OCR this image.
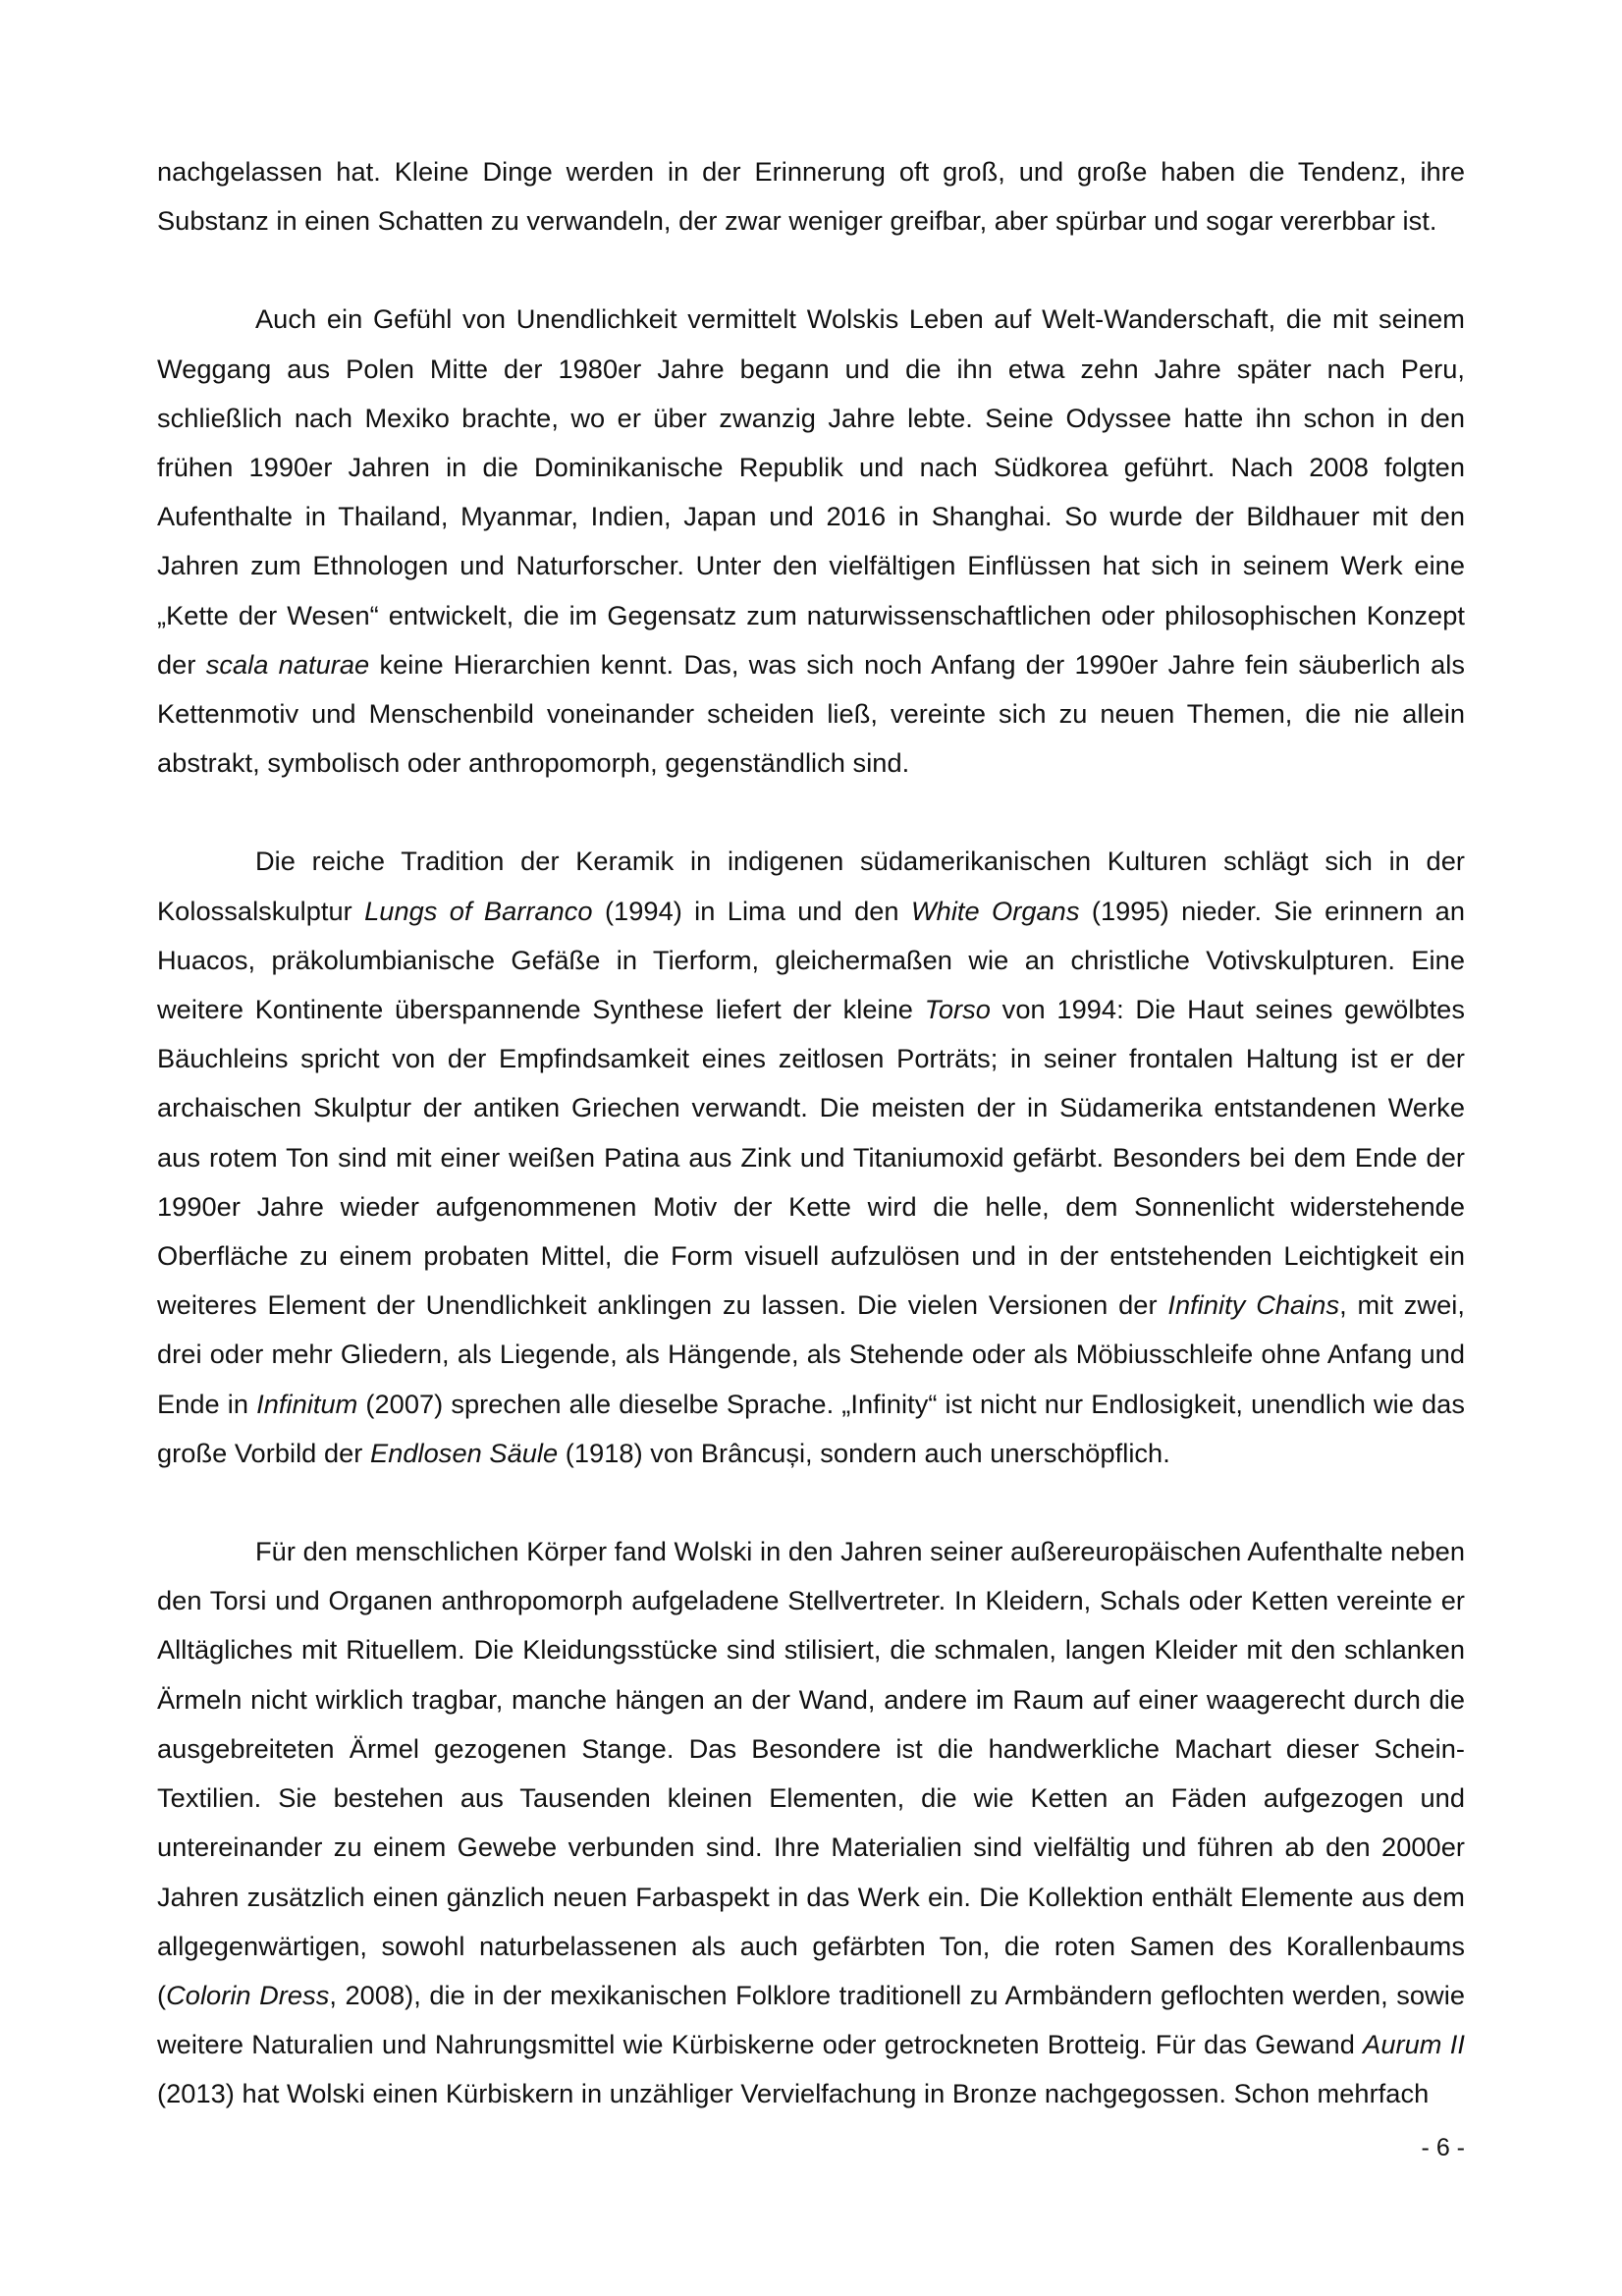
nachgelassen hat. Kleine Dinge werden in der Erinnerung oft groß, und große haben die Tendenz, ihre Substanz in einen Schatten zu verwandeln, der zwar weniger greifbar, aber spürbar und sogar vererbbar ist.

Auch ein Gefühl von Unendlichkeit vermittelt Wolskis Leben auf Welt-Wanderschaft, die mit seinem Weggang aus Polen Mitte der 1980er Jahre begann und die ihn etwa zehn Jahre später nach Peru, schließlich nach Mexiko brachte, wo er über zwanzig Jahre lebte. Seine Odyssee hatte ihn schon in den frühen 1990er Jahren in die Dominikanische Republik und nach Südkorea geführt. Nach 2008 folgten Aufenthalte in Thailand, Myanmar, Indien, Japan und 2016 in Shanghai. So wurde der Bildhauer mit den Jahren zum Ethnologen und Naturforscher. Unter den vielfältigen Einflüssen hat sich in seinem Werk eine „Kette der Wesen“ entwickelt, die im Gegensatz zum naturwissenschaftlichen oder philosophischen Konzept der scala naturae keine Hierarchien kennt. Das, was sich noch Anfang der 1990er Jahre fein säuberlich als Kettenmotiv und Menschenbild voneinander scheiden ließ, vereinte sich zu neuen Themen, die nie allein abstrakt, symbolisch oder anthropomorph, gegenständlich sind.

Die reiche Tradition der Keramik in indigenen südamerikanischen Kulturen schlägt sich in der Kolossalskulptur Lungs of Barranco (1994) in Lima und den White Organs (1995) nieder. Sie erinnern an Huacos, präkolumbianische Gefäße in Tierform, gleichermaßen wie an christliche Votivskulpturen. Eine weitere Kontinente überspannende Synthese liefert der kleine Torso von 1994: Die Haut seines gewölbtes Bäuchleins spricht von der Empfindsamkeit eines zeitlosen Porträts; in seiner frontalen Haltung ist er der archaischen Skulptur der antiken Griechen verwandt. Die meisten der in Südamerika entstandenen Werke aus rotem Ton sind mit einer weißen Patina aus Zink und Titaniumoxid gefärbt. Besonders bei dem Ende der 1990er Jahre wieder aufgenommenen Motiv der Kette wird die helle, dem Sonnenlicht widerstehende Oberfläche zu einem probaten Mittel, die Form visuell aufzulösen und in der entstehenden Leichtigkeit ein weiteres Element der Unendlichkeit anklingen zu lassen. Die vielen Versionen der Infinity Chains, mit zwei, drei oder mehr Gliedern, als Liegende, als Hängende, als Stehende oder als Möbiusschleife ohne Anfang und Ende in Infinitum (2007) sprechen alle dieselbe Sprache. „Infinity“ ist nicht nur Endlosigkeit, unendlich wie das große Vorbild der Endlosen Säule (1918) von Brâncuși, sondern auch unerschöpflich.

Für den menschlichen Körper fand Wolski in den Jahren seiner außereuropäischen Aufenthalte neben den Torsi und Organen anthropomorph aufgeladene Stellvertreter. In Kleidern, Schals oder Ketten vereinte er Alltägliches mit Rituellem. Die Kleidungsstücke sind stilisiert, die schmalen, langen Kleider mit den schlanken Ärmeln nicht wirklich tragbar, manche hängen an der Wand, andere im Raum auf einer waagerecht durch die ausgebreiteten Ärmel gezogenen Stange. Das Besondere ist die handwerkliche Machart dieser Schein-Textilien. Sie bestehen aus Tausenden kleinen Elementen, die wie Ketten an Fäden aufgezogen und untereinander zu einem Gewebe verbunden sind. Ihre Materialien sind vielfältig und führen ab den 2000er Jahren zusätzlich einen gänzlich neuen Farbaspekt in das Werk ein. Die Kollektion enthält Elemente aus dem allgegenwärtigen, sowohl naturbelassenen als auch gefärbten Ton, die roten Samen des Korallenbaums (Colorin Dress, 2008), die in der mexikanischen Folklore traditionell zu Armbändern geflochten werden, sowie weitere Naturalien und Nahrungsmittel wie Kürbiskerne oder getrockneten Brotteig. Für das Gewand Aurum II (2013) hat Wolski einen Kürbiskern in unzähliger Vervielfachung in Bronze nachgegossen. Schon mehrfach

- 6 -
